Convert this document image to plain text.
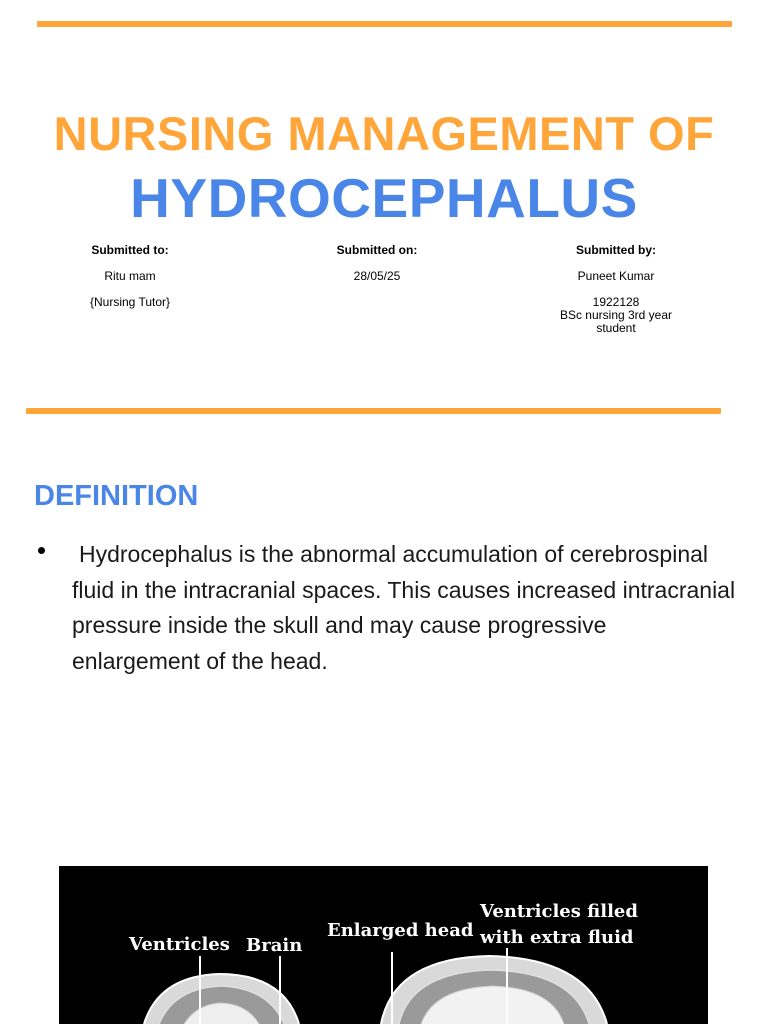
NURSING MANAGEMENT OF
HYDROCEPHALUS
Submitted to:
Ritu mam
{Nursing Tutor}
Submitted on:
28/05/25
Submitted by:
Puneet Kumar
1922128
BSc nursing 3rd year
student
DEFINITION
Hydrocephalus is the abnormal accumulation of cerebrospinal fluid in the intracranial spaces. This causes increased intracranial pressure inside the skull and may cause progressive enlargement of the head.
Ventricles Brain
Enlarged head
Ventricles filled
with extra fluid
